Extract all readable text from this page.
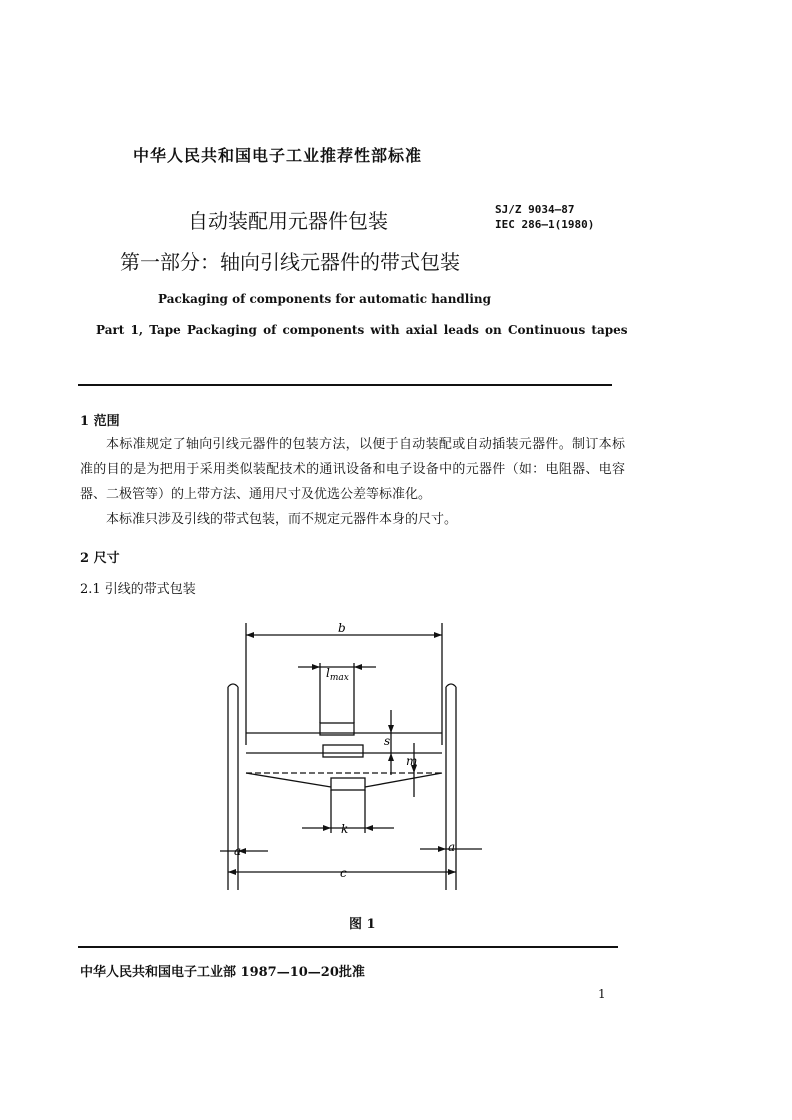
中华人民共和国电子工业推荐性部标准
自动装配用元器件包装	SJ/Z 9034—87
IEC 286—1(1980)
第一部分：轴向引线元器件的带式包装
Packaging of components for automatic handling
Part 1, Tape Packaging of components with axial leads on Continuous tapes
1 范围
本标准规定了轴向引线元器件的包装方法，以便于自动装配或自动插装元器件。制订本标准的目的是为把用于采用类似装配技术的通讯设备和电子设备中的元器件（如：电阻器、电容器、二极管等）的上带方法、通用尺寸及优选公差等标准化。
本标准只涉及引线的带式包装，而不规定元器件本身的尺寸。
2 尺寸
2.1 引线的带式包装
b
$l_{max}$
s
m
k
a	a
c
图 1
中华人民共和国电子工业部 1987—10—20批准
1
